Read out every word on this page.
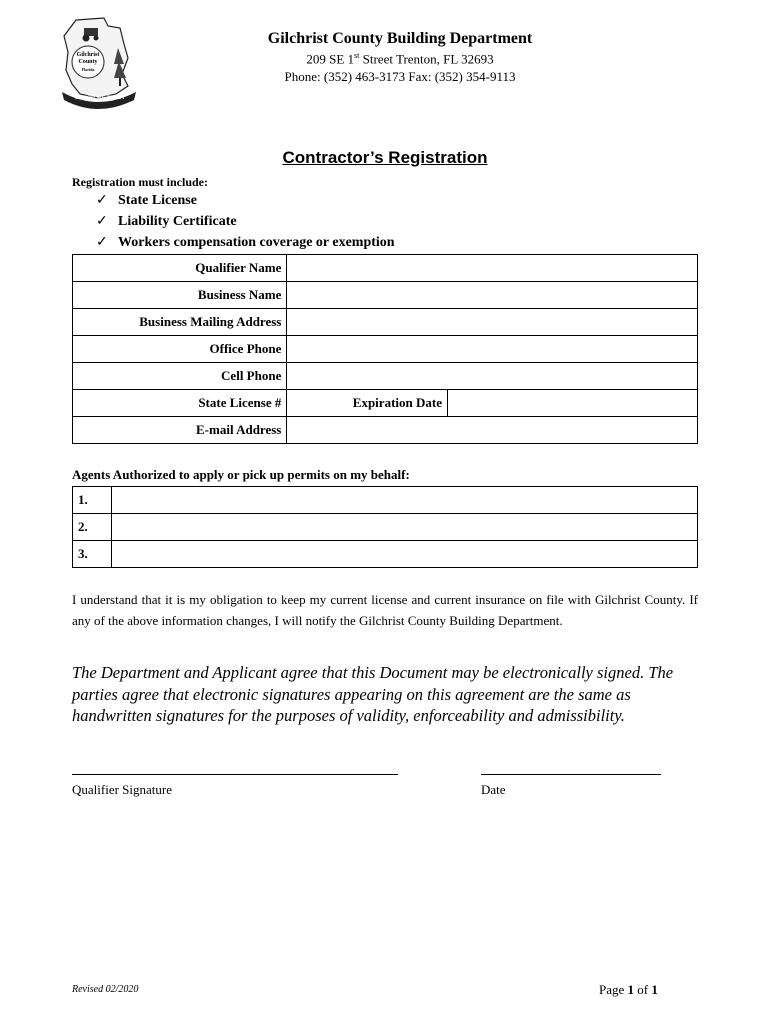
Gilchrist
County
Florida
IN GOD WE TRUST
Gilchrist County Building Department
209 SE 1st Street Trenton, FL 32693
Phone: (352) 463-3173 Fax: (352) 354-9113
Contractor’s Registration
Registration must include:
✓ State License
✓ Liability Certificate
✓ Workers compensation coverage or exemption
Qualifier Name		
Business Name		
Business Mailing Address		
Office Phone		
Cell Phone		
State License #	Expiration Date	
E-mail Address		
Agents Authorized to apply or pick up permits on my behalf:
1.	
2.	
3.	
I understand that it is my obligation to keep my current license and current insurance on file with Gilchrist County. If any of the above information changes, I will notify the Gilchrist County Building Department.
The Department and Applicant agree that this Document may be electronically signed. The parties agree that electronic signatures appearing on this agreement are the same as handwritten signatures for the purposes of validity, enforceability and admissibility.
Qualifier Signature	Date
Revised 02/2020	Page 1 of 1
